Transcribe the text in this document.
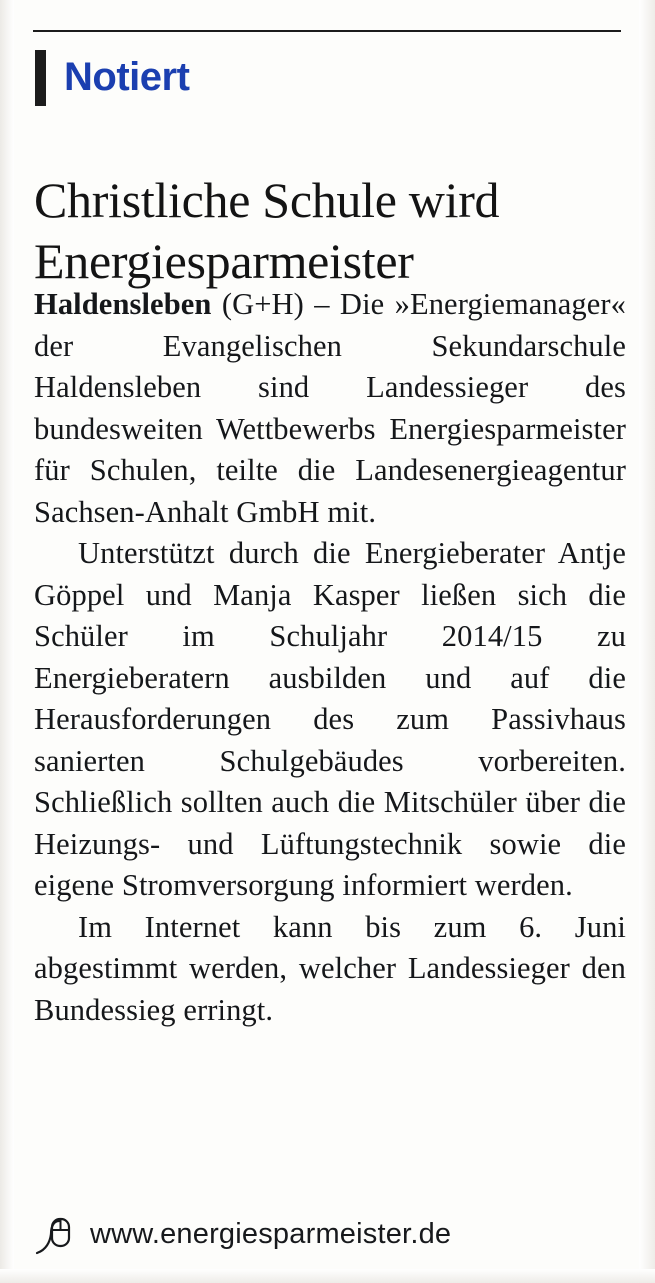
Notiert
Christliche Schule wird Energiesparmeister

Haldensleben (G+H) – Die »Energiemanager« der Evangelischen Sekundarschule Haldensleben sind Landessieger des bundesweiten Wettbewerbs Energiesparmeister für Schulen, teilte die Landesenergieagentur Sachsen-Anhalt GmbH mit.

Unterstützt durch die Energieberater Antje Göppel und Manja Kasper ließen sich die Schüler im Schuljahr 2014/15 zu Energieberatern ausbilden und auf die Herausforderungen des zum Passivhaus sanierten Schulgebäudes vorbereiten. Schließlich sollten auch die Mitschüler über die Heizungs- und Lüftungstechnik sowie die eigene Stromversorgung informiert werden.

Im Internet kann bis zum 6. Juni abgestimmt werden, welcher Landessieger den Bundessieg erringt.

www.energiesparmeister.de
